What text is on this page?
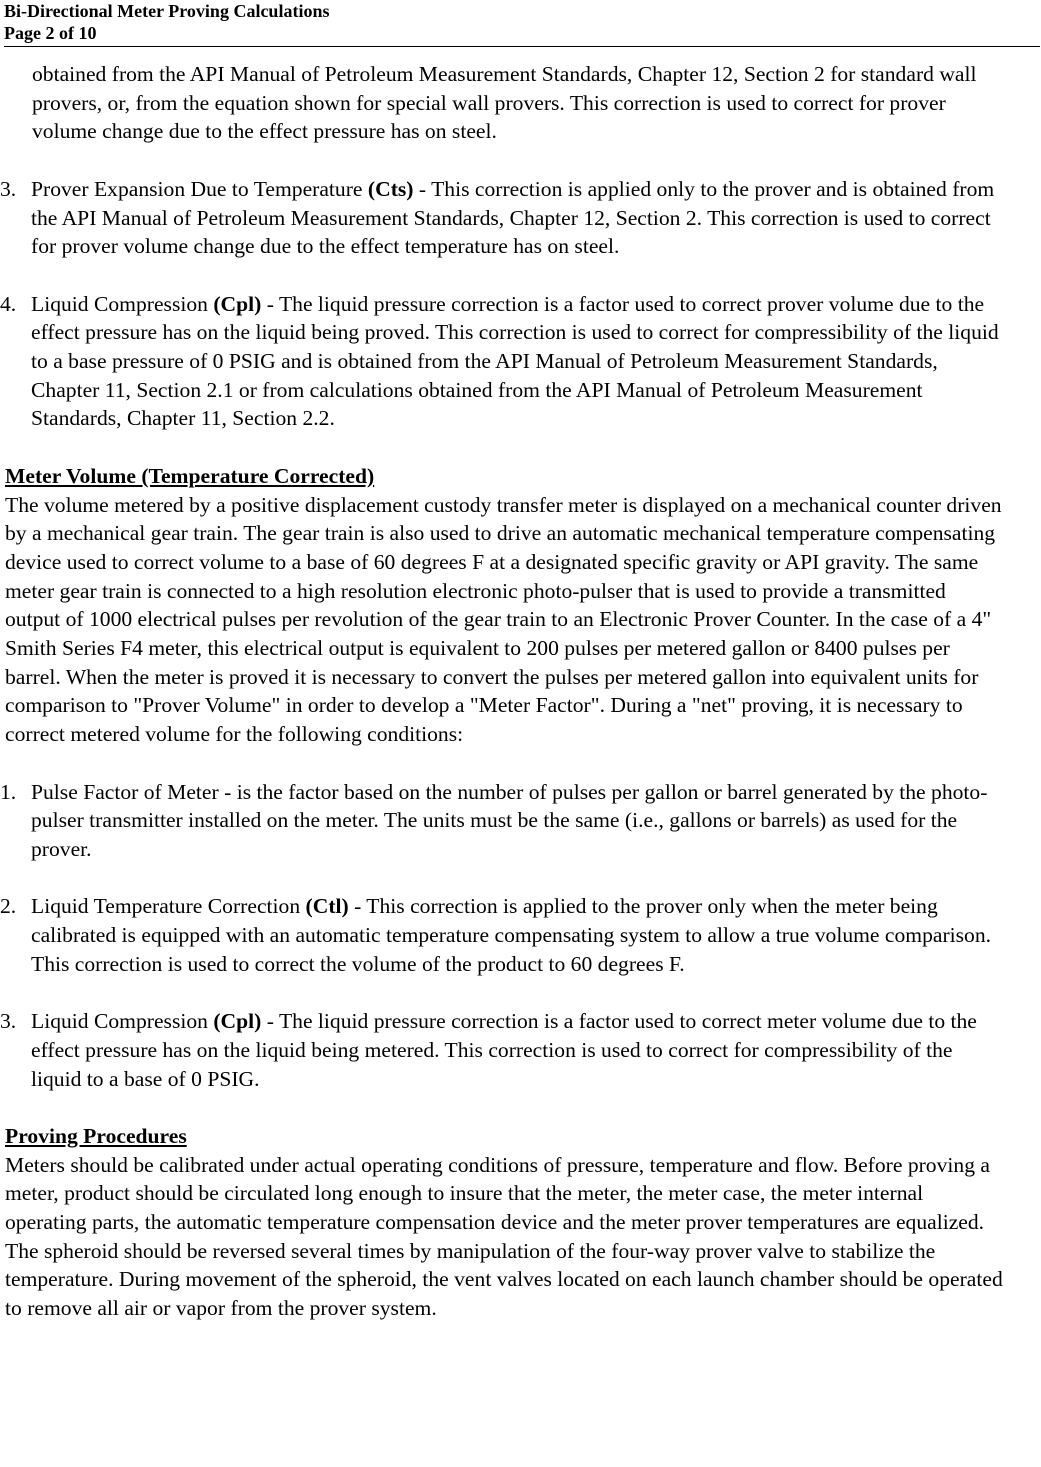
Bi-Directional Meter Proving Calculations
Page 2 of 10

obtained from the API Manual of Petroleum Measurement Standards, Chapter 12, Section 2 for standard wall provers, or, from the equation shown for special wall provers. This correction is used to correct for prover volume change due to the effect pressure has on steel.

3. Prover Expansion Due to Temperature (Cts) - This correction is applied only to the prover and is obtained from the API Manual of Petroleum Measurement Standards, Chapter 12, Section 2. This correction is used to correct for prover volume change due to the effect temperature has on steel.
4. Liquid Compression (Cpl) - The liquid pressure correction is a factor used to correct prover volume due to the effect pressure has on the liquid being proved. This correction is used to correct for compressibility of the liquid to a base pressure of 0 PSIG and is obtained from the API Manual of Petroleum Measurement Standards, Chapter 11, Section 2.1 or from calculations obtained from the API Manual of Petroleum Measurement Standards, Chapter 11, Section 2.2.

Meter Volume (Temperature Corrected)

The volume metered by a positive displacement custody transfer meter is displayed on a mechanical counter driven by a mechanical gear train. The gear train is also used to drive an automatic mechanical temperature compensating device used to correct volume to a base of 60 degrees F at a designated specific gravity or API gravity. The same meter gear train is connected to a high resolution electronic photo-pulser that is used to provide a transmitted output of 1000 electrical pulses per revolution of the gear train to an Electronic Prover Counter. In the case of a 4" Smith Series F4 meter, this electrical output is equivalent to 200 pulses per metered gallon or 8400 pulses per barrel. When the meter is proved it is necessary to convert the pulses per metered gallon into equivalent units for comparison to "Prover Volume" in order to develop a "Meter Factor". During a "net" proving, it is necessary to correct metered volume for the following conditions:

1. Pulse Factor of Meter - is the factor based on the number of pulses per gallon or barrel generated by the photo-pulser transmitter installed on the meter. The units must be the same (i.e., gallons or barrels) as used for the prover.
2. Liquid Temperature Correction (Ctl) - This correction is applied to the prover only when the meter being calibrated is equipped with an automatic temperature compensating system to allow a true volume comparison. This correction is used to correct the volume of the product to 60 degrees F.
3. Liquid Compression (Cpl) - The liquid pressure correction is a factor used to correct meter volume due to the effect pressure has on the liquid being metered. This correction is used to correct for compressibility of the liquid to a base of 0 PSIG.

Proving Procedures

Meters should be calibrated under actual operating conditions of pressure, temperature and flow. Before proving a meter, product should be circulated long enough to insure that the meter, the meter case, the meter internal operating parts, the automatic temperature compensation device and the meter prover temperatures are equalized. The spheroid should be reversed several times by manipulation of the four-way prover valve to stabilize the temperature. During movement of the spheroid, the vent valves located on each launch chamber should be operated to remove all air or vapor from the prover system.
